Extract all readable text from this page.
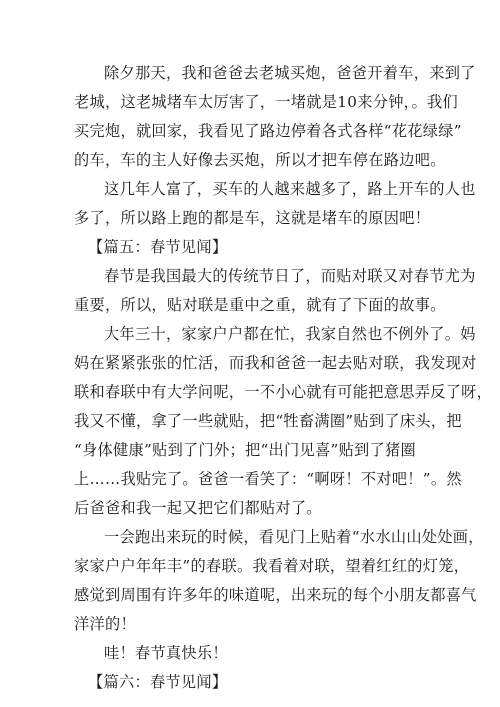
除夕那天，我和爸爸去老城买炮，爸爸开着车，来到了
老城，这老城堵车太厉害了，一堵就是10来分钟，。我们
买完炮，就回家，我看见了路边停着各式各样“花花绿绿”
的车，车的主人好像去买炮，所以才把车停在路边吧。
这几年人富了，买车的人越来越多了，路上开车的人也
多了，所以路上跑的都是车，这就是堵车的原因吧！
【篇五：春节见闻】
春节是我国最大的传统节日了，而贴对联又对春节尤为
重要，所以，贴对联是重中之重，就有了下面的故事。
大年三十，家家户户都在忙，我家自然也不例外了。妈
妈在紧紧张张的忙活，而我和爸爸一起去贴对联，我发现对
联和春联中有大学问呢，一不小心就有可能把意思弄反了呀，
我又不懂，拿了一些就贴，把“牲畜满圈”贴到了床头，把
“身体健康”贴到了门外；把“出门见喜”贴到了猪圈
上……我贴完了。爸爸一看笑了：“啊呀！不对吧！”。然
后爸爸和我一起又把它们都贴对了。
一会跑出来玩的时候，看见门上贴着“水水山山处处画，
家家户户年年丰”的春联。我看着对联，望着红红的灯笼，
感觉到周围有许多年的味道呢，出来玩的每个小朋友都喜气
洋洋的！
哇！春节真快乐！
【篇六：春节见闻】
